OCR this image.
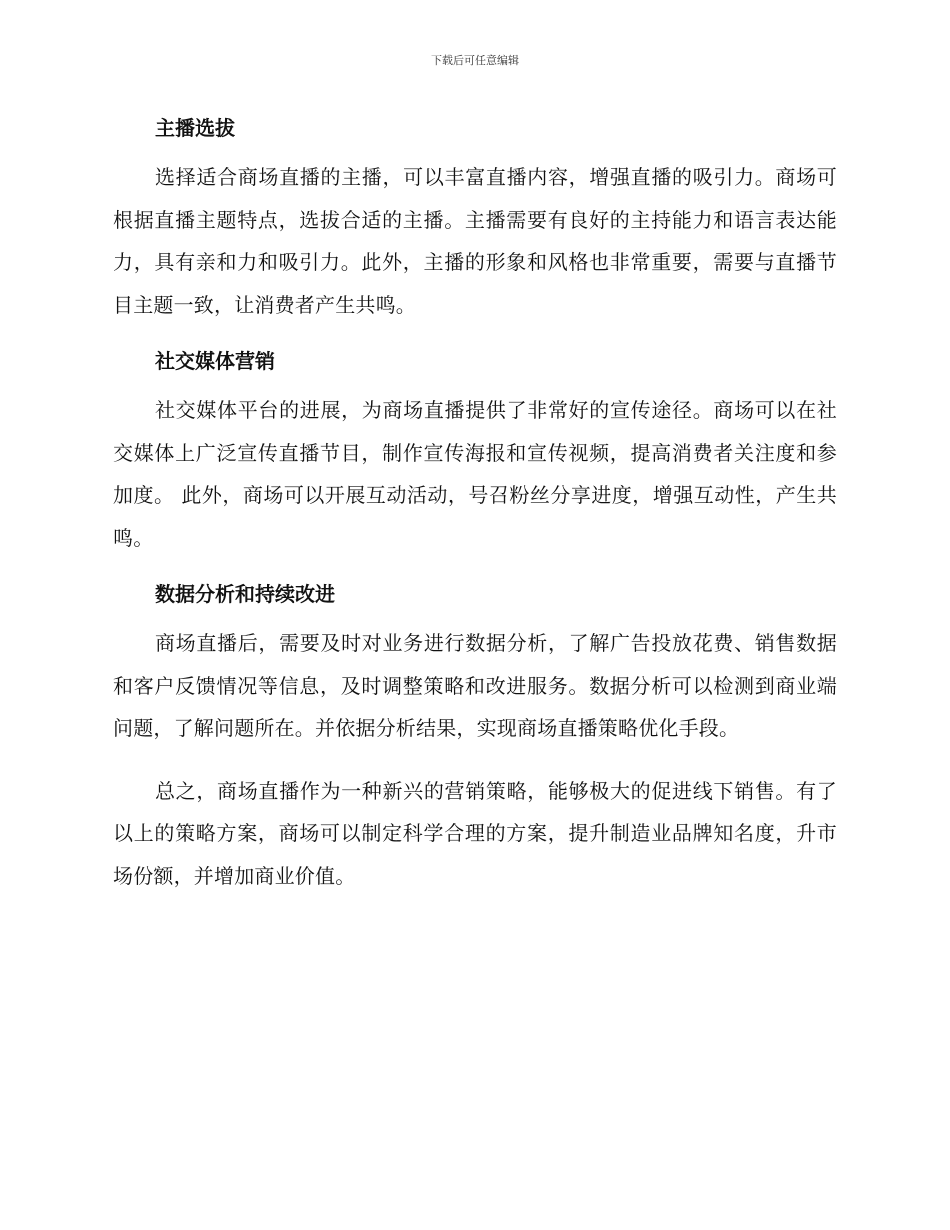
下载后可任意编辑
主播选拔

选择适合商场直播的主播，可以丰富直播内容，增强直播的吸引力。商场可根据直播主题特点，选拔合适的主播。主播需要有良好的主持能力和语言表达能力，具有亲和力和吸引力。此外，主播的形象和风格也非常重要，需要与直播节目主题一致，让消费者产生共鸣。

社交媒体营销

社交媒体平台的进展，为商场直播提供了非常好的宣传途径。商场可以在社交媒体上广泛宣传直播节目，制作宣传海报和宣传视频，提高消费者关注度和参加度。 此外，商场可以开展互动活动，号召粉丝分享进度，增强互动性，产生共鸣。

数据分析和持续改进

商场直播后，需要及时对业务进行数据分析，了解广告投放花费、销售数据和客户反馈情况等信息，及时调整策略和改进服务。数据分析可以检测到商业端问题，了解问题所在。并依据分析结果，实现商场直播策略优化手段。

总之，商场直播作为一种新兴的营销策略，能够极大的促进线下销售。有了以上的策略方案，商场可以制定科学合理的方案，提升制造业品牌知名度，升市场份额，并增加商业价值。
